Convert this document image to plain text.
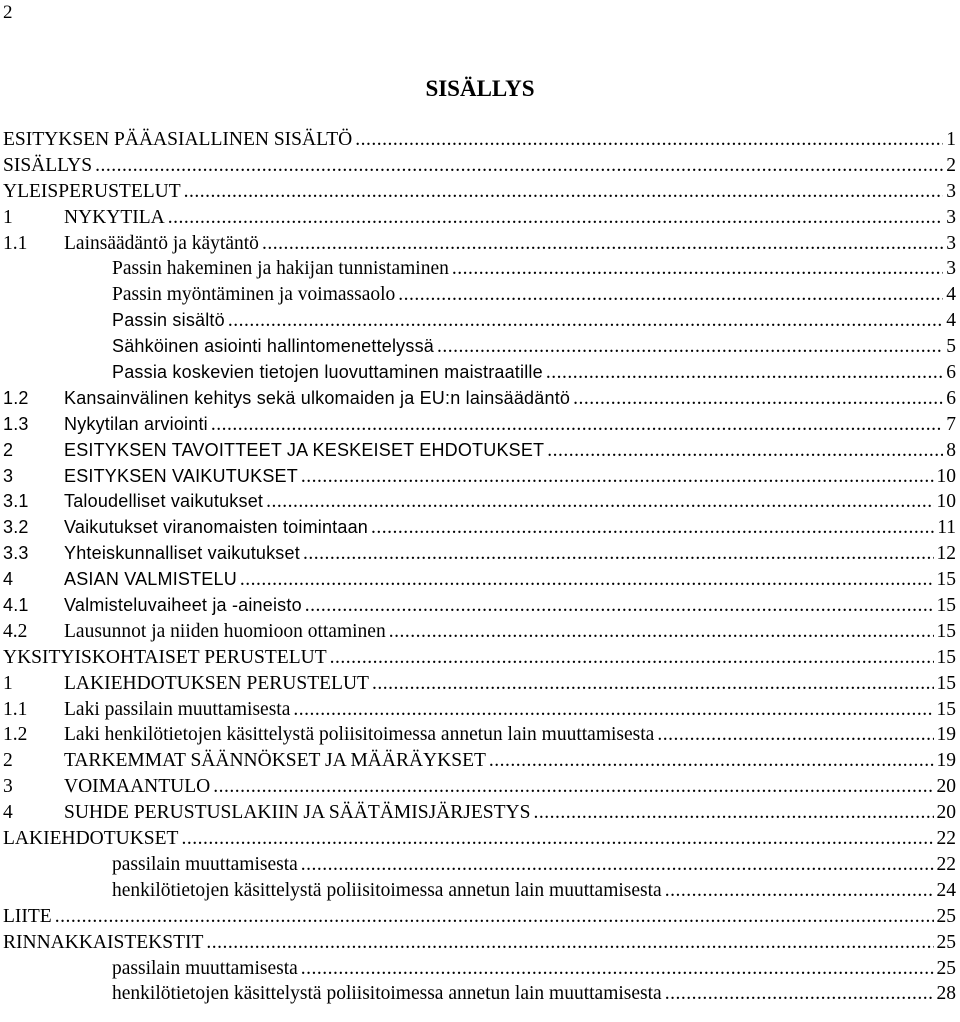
2
SISÄLLYS
ESITYKSEN PÄÄASIALLINEN SISÄLTÖ .....	1
SISÄLLYS .....	2
YLEISPERUSTELUT .....	3
1	NYKYTILA .....	3
1.1	Lainsäädäntö ja käytäntö .....	3
Passin hakeminen ja hakijan tunnistaminen .....	3
Passin myöntäminen ja voimassaolo .....	4
Passin sisältö .....	4
Sähköinen asiointi hallintomenettelyssä .....	5
Passia koskevien tietojen luovuttaminen maistraatille .....	6
1.2	Kansainvälinen kehitys sekä ulkomaiden ja EU:n lainsäädäntö .....	6
1.3	Nykytilan arviointi .....	7
2	ESITYKSEN TAVOITTEET JA KESKEISET EHDOTUKSET .....	8
3	ESITYKSEN VAIKUTUKSET .....	10
3.1	Taloudelliset vaikutukset .....	10
3.2	Vaikutukset viranomaisten toimintaan .....	11
3.3	Yhteiskunnalliset vaikutukset .....	12
4	ASIAN VALMISTELU .....	15
4.1	Valmisteluvaiheet ja -aineisto .....	15
4.2	Lausunnot ja niiden huomioon ottaminen .....	15
YKSITYISKOHTAISET PERUSTELUT .....	15
1	LAKIEHDOTUKSEN PERUSTELUT .....	15
1.1	Laki passilain muuttamisesta .....	15
1.2	Laki henkilötietojen käsittelystä poliisitoimessa annetun lain muuttamisesta .....	19
2	TARKEMMAT SÄÄNNÖKSET JA MÄÄRÄYKSET .....	19
3	VOIMAANTULO .....	20
4	SUHDE PERUSTUSLAKIIN JA SÄÄTÄMISJÄRJESTYS .....	20
LAKIEHDOTUKSET .....	22
passilain muuttamisesta .....	22
henkilötietojen käsittelystä poliisitoimessa annetun lain muuttamisesta .....	24
LIITE .....	25
RINNAKKAISTEKSTIT .....	25
passilain muuttamisesta .....	25
henkilötietojen käsittelystä poliisitoimessa annetun lain muuttamisesta .....	28
